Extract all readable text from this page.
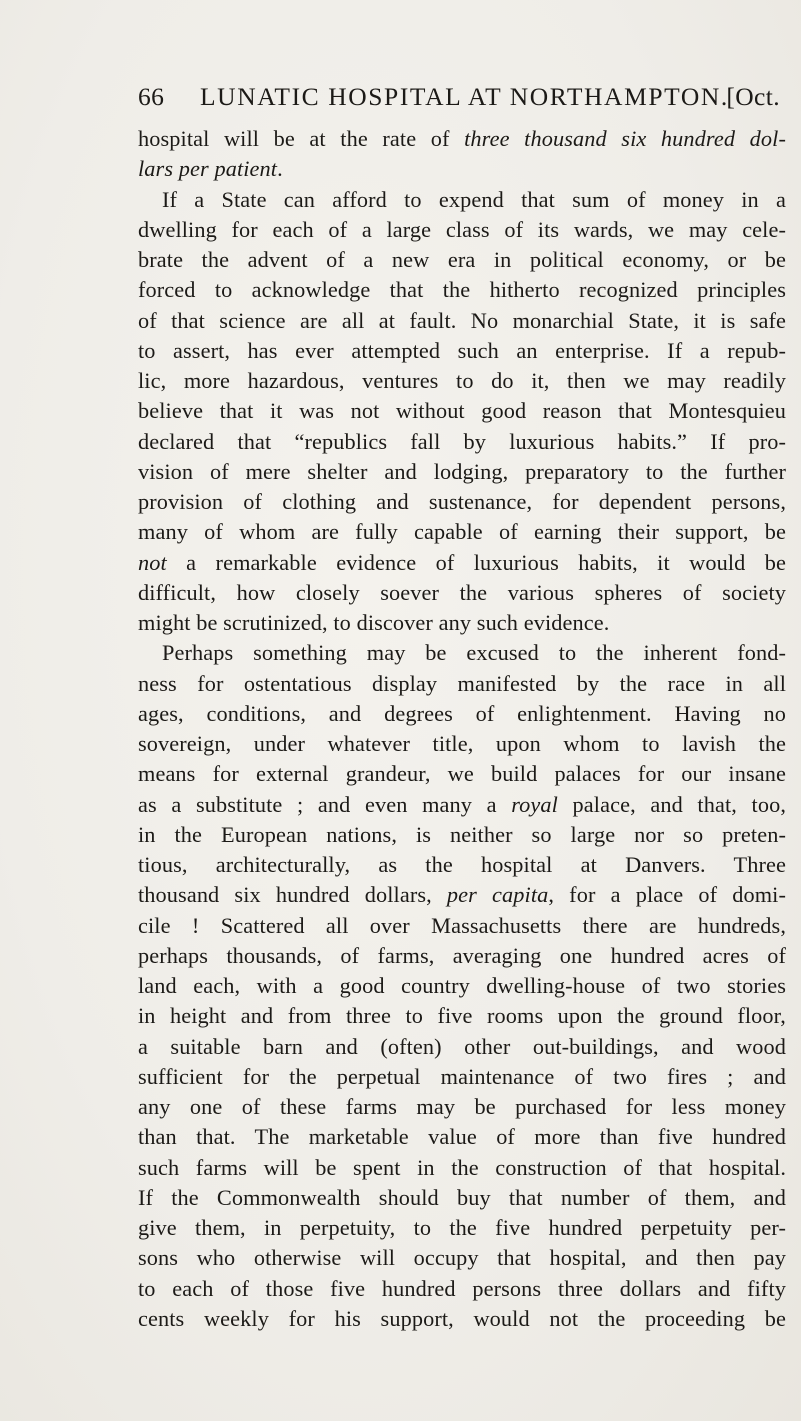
66 LUNATIC HOSPITAL AT NORTHAMPTON.
[Oct.
hospital will be at the rate of three thousand six hundred dol-
lars per patient.
If a State can afford to expend that sum of money in a
dwelling for each of a large class of its wards, we may cele-
brate the advent of a new era in political economy, or be
forced to acknowledge that the hitherto recognized principles
of that science are all at fault. No monarchial State, it is safe
to assert, has ever attempted such an enterprise. If a repub-
lic, more hazardous, ventures to do it, then we may readily
believe that it was not without good reason that Montesquieu
declared that “republics fall by luxurious habits.” If pro-
vision of mere shelter and lodging, preparatory to the further
provision of clothing and sustenance, for dependent persons,
many of whom are fully capable of earning their support, be
not a remarkable evidence of luxurious habits, it would be
difficult, how closely soever the various spheres of society
might be scrutinized, to discover any such evidence.
Perhaps something may be excused to the inherent fond-
ness for ostentatious display manifested by the race in all
ages, conditions, and degrees of enlightenment. Having no
sovereign, under whatever title, upon whom to lavish the
means for external grandeur, we build palaces for our insane
as a substitute ; and even many a royal palace, and that, too,
in the European nations, is neither so large nor so preten-
tious, architecturally, as the hospital at Danvers. Three
thousand six hundred dollars, per capita, for a place of domi-
cile ! Scattered all over Massachusetts there are hundreds,
perhaps thousands, of farms, averaging one hundred acres of
land each, with a good country dwelling-house of two stories
in height and from three to five rooms upon the ground floor,
a suitable barn and (often) other out-buildings, and wood
sufficient for the perpetual maintenance of two fires ; and
any one of these farms may be purchased for less money
than that. The marketable value of more than five hundred
such farms will be spent in the construction of that hospital.
If the Commonwealth should buy that number of them, and
give them, in perpetuity, to the five hundred perpetuity per-
sons who otherwise will occupy that hospital, and then pay
to each of those five hundred persons three dollars and fifty
cents weekly for his support, would not the proceeding be
